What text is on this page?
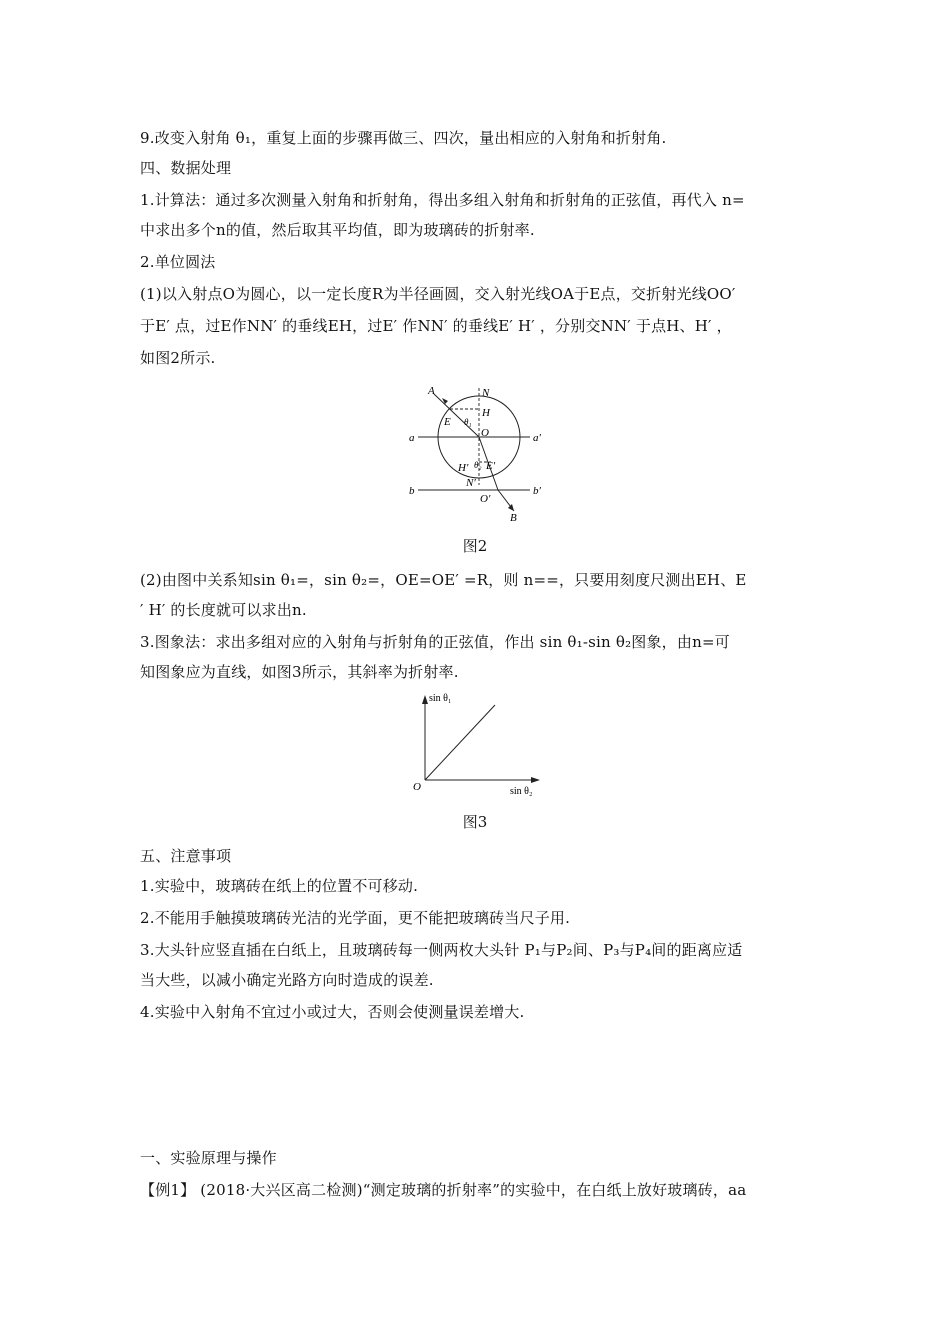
9.改变入射角 θ₁，重复上面的步骤再做三、四次，量出相应的入射角和折射角.
四、数据处理
1.计算法：通过多次测量入射角和折射角，得出多组入射角和折射角的正弦值，再代入 n=
中求出多个n的值，然后取其平均值，即为玻璃砖的折射率.
2.单位圆法
(1)以入射点O为圆心，以一定长度R为半径画圆，交入射光线OA于E点，交折射光线OO′
于E′ 点，过E作NN′ 的垂线EH，过E′ 作NN′ 的垂线E′ H′ ，分别交NN′ 于点H、H′ ，
如图2所示.
A	N
H
E θ₁
O
a	a′
H′ θ₂ E′
N′
b	b′
O′
B
图2
(2)由图中关系知sin θ₁=，sin θ₂=，OE=OE′ =R，则 n==，只要用刻度尺测出EH、E
′ H′ 的长度就可以求出n.
3.图象法：求出多组对应的入射角与折射角的正弦值，作出 sin θ₁-sin θ₂图象，由n=可
知图象应为直线，如图3所示，其斜率为折射率.
sin θ₁
sin θ₂
O
图3
五、注意事项
1.实验中，玻璃砖在纸上的位置不可移动.
2.不能用手触摸玻璃砖光洁的光学面，更不能把玻璃砖当尺子用.
3.大头针应竖直插在白纸上，且玻璃砖每一侧两枚大头针 P₁与P₂间、P₃与P₄间的距离应适
当大些，以减小确定光路方向时造成的误差.
4.实验中入射角不宜过小或过大，否则会使测量误差增大.
一、实验原理与操作
【例1】 (2018·大兴区高二检测)“测定玻璃的折射率”的实验中，在白纸上放好玻璃砖，aa
